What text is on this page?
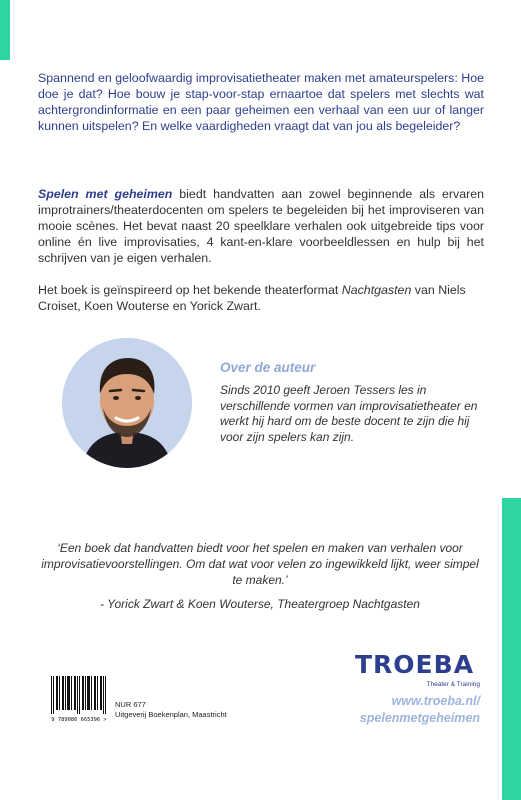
Spannend en geloofwaardig improvisatietheater maken met amateurspelers: Hoe doe je dat? Hoe bouw je stap-voor-stap ernaartoe dat spelers met slechts wat achtergrondinformatie en een paar geheimen een verhaal van een uur of langer kunnen uitspelen? En welke vaardigheden vraagt dat van jou als begeleider?

Spelen met geheimen biedt handvatten aan zowel beginnende als ervaren improtrainers/theaterdocenten om spelers te begeleiden bij het improviseren van mooie scènes. Het bevat naast 20 speelklare verhalen ook uitgebreide tips voor online én live improvisaties, 4 kant-en-klare voorbeeldlessen en hulp bij het schrijven van je eigen verhalen.

Het boek is geïnspireerd op het bekende theaterformat Nachtgasten van Niels Croiset, Koen Wouterse en Yorick Zwart.

Over de auteur

Sinds 2010 geeft Jeroen Tessers les in verschillende vormen van improvisatietheater en werkt hij hard om de beste docent te zijn die hij voor zijn spelers kan zijn.

‘Een boek dat handvatten biedt voor het spelen en maken van verhalen voor improvisatievoorstellingen. Om dat wat voor velen zo ingewikkeld lijkt, weer simpel te maken.’

- Yorick Zwart & Koen Wouterse, Theatergroep Nachtgasten

TROEBA
Theater & Training

www.troeba.nl/
spelenmetgeheimen

9 789086 665396 >

NUR 677
Uitgeverij Boekenplan, Maastricht
